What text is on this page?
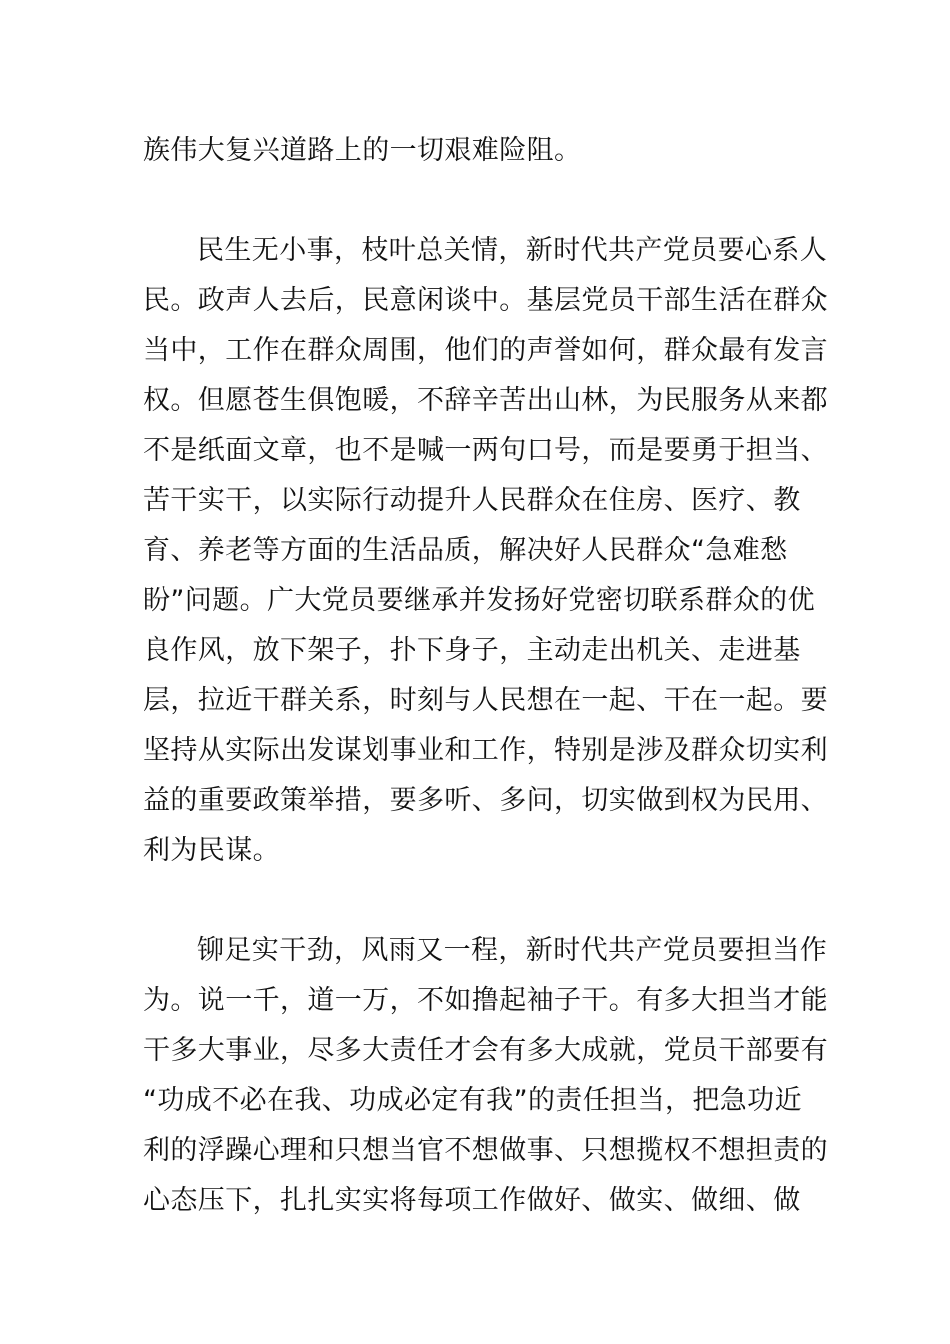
族伟大复兴道路上的一切艰难险阻。
民生无小事，枝叶总关情，新时代共产党员要心系人
民。政声人去后，民意闲谈中。基层党员干部生活在群众
当中，工作在群众周围，他们的声誉如何，群众最有发言
权。但愿苍生俱饱暖，不辞辛苦出山林，为民服务从来都
不是纸面文章，也不是喊一两句口号，而是要勇于担当、
苦干实干，以实际行动提升人民群众在住房、医疗、教
育、养老等方面的生活品质，解决好人民群众“急难愁
盼”问题。广大党员要继承并发扬好党密切联系群众的优
良作风，放下架子，扑下身子，主动走出机关、走进基
层，拉近干群关系，时刻与人民想在一起、干在一起。要
坚持从实际出发谋划事业和工作，特别是涉及群众切实利
益的重要政策举措，要多听、多问，切实做到权为民用、
利为民谋。
铆足实干劲，风雨又一程，新时代共产党员要担当作
为。说一千，道一万，不如撸起袖子干。有多大担当才能
干多大事业，尽多大责任才会有多大成就，党员干部要有
“功成不必在我、功成必定有我”的责任担当，把急功近
利的浮躁心理和只想当官不想做事、只想揽权不想担责的
心态压下，扎扎实实将每项工作做好、做实、做细、做
